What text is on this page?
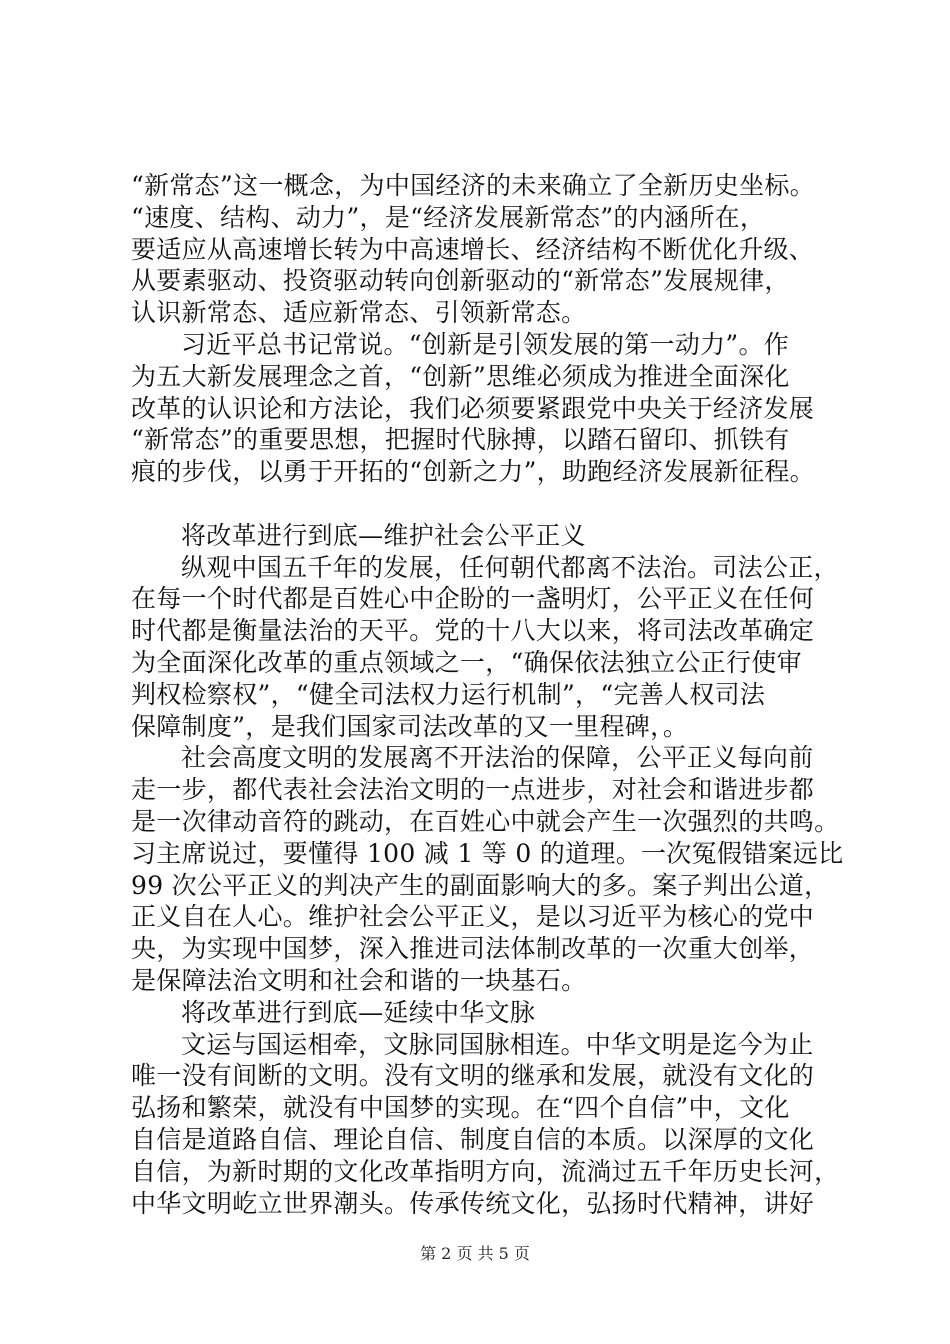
“新常态”这一概念，为中国经济的未来确立了全新历史坐标。
“速度、结构、动力”，是“经济发展新常态”的内涵所在，
要适应从高速增长转为中高速增长、经济结构不断优化升级、
从要素驱动、投资驱动转向创新驱动的“新常态”发展规律，
认识新常态、适应新常态、引领新常态。
习近平总书记常说。“创新是引领发展的第一动力”。作
为五大新发展理念之首，“创新”思维必须成为推进全面深化
改革的认识论和方法论，我们必须要紧跟党中央关于经济发展
“新常态”的重要思想，把握时代脉搏，以踏石留印、抓铁有
痕的步伐，以勇于开拓的“创新之力”，助跑经济发展新征程。
将改革进行到底—维护社会公平正义
纵观中国五千年的发展，任何朝代都离不法治。司法公正，
在每一个时代都是百姓心中企盼的一盏明灯，公平正义在任何
时代都是衡量法治的天平。党的十八大以来，将司法改革确定
为全面深化改革的重点领域之一，“确保依法独立公正行使审
判权检察权”，“健全司法权力运行机制”，“完善人权司法
保障制度”，是我们国家司法改革的又一里程碑，。
社会高度文明的发展离不开法治的保障，公平正义每向前
走一步，都代表社会法治文明的一点进步，对社会和谐进步都
是一次律动音符的跳动，在百姓心中就会产生一次强烈的共鸣。
习主席说过，要懂得 100 减 1 等 0 的道理。一次冤假错案远比
99 次公平正义的判决产生的副面影响大的多。案子判出公道，
正义自在人心。维护社会公平正义，是以习近平为核心的党中
央，为实现中国梦，深入推进司法体制改革的一次重大创举，
是保障法治文明和社会和谐的一块基石。
将改革进行到底—延续中华文脉
文运与国运相牵，文脉同国脉相连。中华文明是迄今为止
唯一没有间断的文明。没有文明的继承和发展，就没有文化的
弘扬和繁荣，就没有中国梦的实现。在“四个自信”中，文化
自信是道路自信、理论自信、制度自信的本质。以深厚的文化
自信，为新时期的文化改革指明方向，流淌过五千年历史长河，
中华文明屹立世界潮头。传承传统文化，弘扬时代精神，讲好
第 2 页 共 5 页
